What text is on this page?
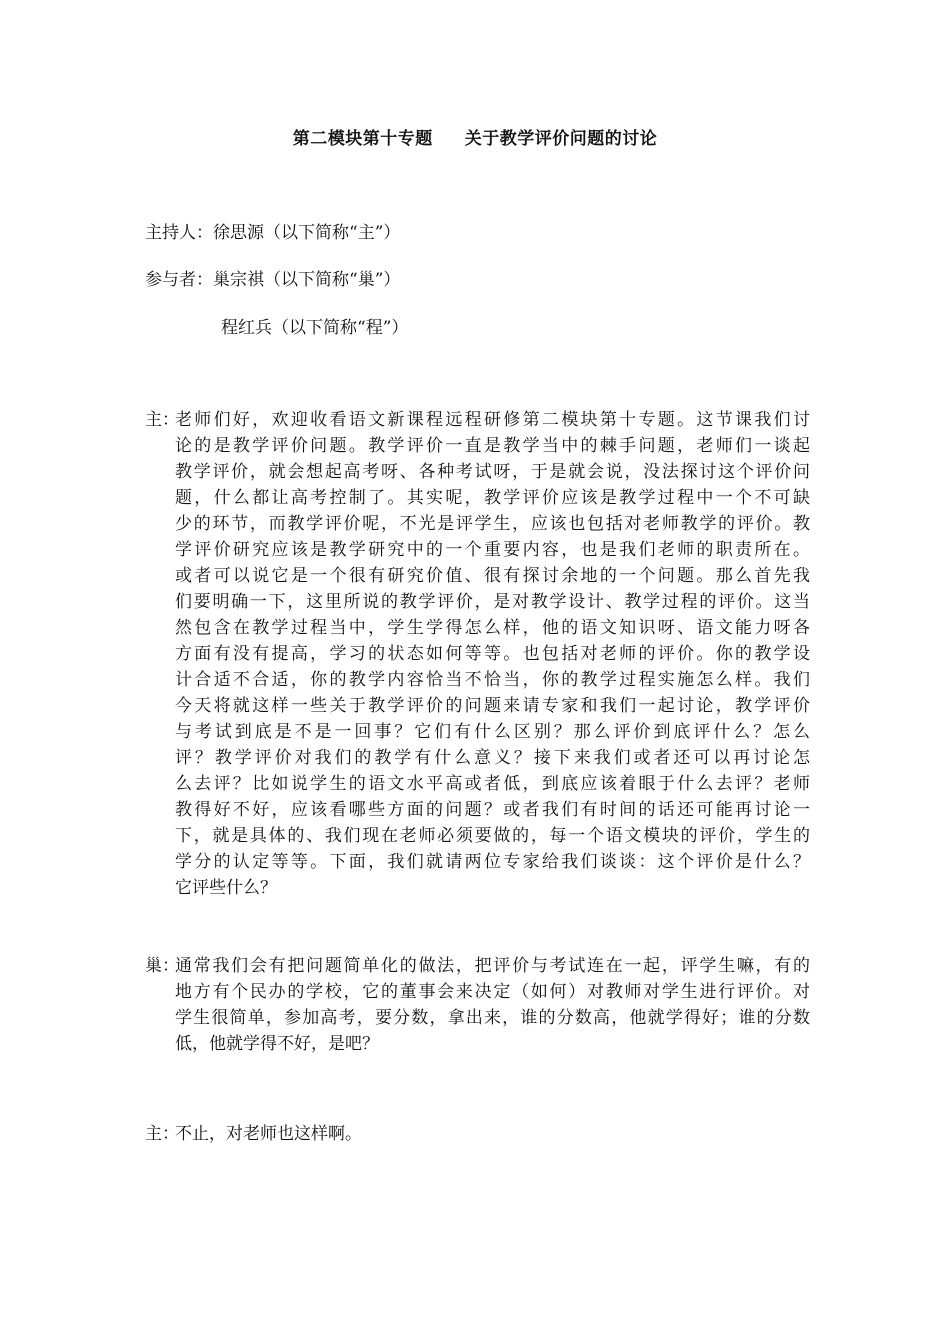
第二模块第十专题 关于教学评价问题的讨论
主持人：徐思源（以下简称“主”）
参与者：巢宗祺（以下简称“巢”）
程红兵（以下简称“程”）
主：
老师们好，欢迎收看语文新课程远程研修第二模块第十专题。这节课我们讨
论的是教学评价问题。教学评价一直是教学当中的棘手问题，老师们一谈起
教学评价，就会想起高考呀、各种考试呀，于是就会说，没法探讨这个评价问
题，什么都让高考控制了。其实呢，教学评价应该是教学过程中一个不可缺
少的环节，而教学评价呢，不光是评学生，应该也包括对老师教学的评价。教
学评价研究应该是教学研究中的一个重要内容，也是我们老师的职责所在。
或者可以说它是一个很有研究价值、很有探讨余地的一个问题。那么首先我
们要明确一下，这里所说的教学评价，是对教学设计、教学过程的评价。这当
然包含在教学过程当中，学生学得怎么样，他的语文知识呀、语文能力呀各
方面有没有提高，学习的状态如何等等。也包括对老师的评价。你的教学设
计合适不合适，你的教学内容恰当不恰当，你的教学过程实施怎么样。我们
今天将就这样一些关于教学评价的问题来请专家和我们一起讨论，教学评价
与考试到底是不是一回事？它们有什么区别？那么评价到底评什么？怎么
评？教学评价对我们的教学有什么意义？接下来我们或者还可以再讨论怎
么去评？比如说学生的语文水平高或者低，到底应该着眼于什么去评？老师
教得好不好，应该看哪些方面的问题？或者我们有时间的话还可能再讨论一
下，就是具体的、我们现在老师必须要做的，每一个语文模块的评价，学生的
学分的认定等等。下面，我们就请两位专家给我们谈谈：这个评价是什么？
它评些什么？
巢：
通常我们会有把问题简单化的做法，把评价与考试连在一起，评学生嘛，有的
地方有个民办的学校，它的董事会来决定（如何）对教师对学生进行评价。对
学生很简单，参加高考，要分数，拿出来，谁的分数高，他就学得好；谁的分数
低，他就学得不好，是吧？
主：
不止，对老师也这样啊。
